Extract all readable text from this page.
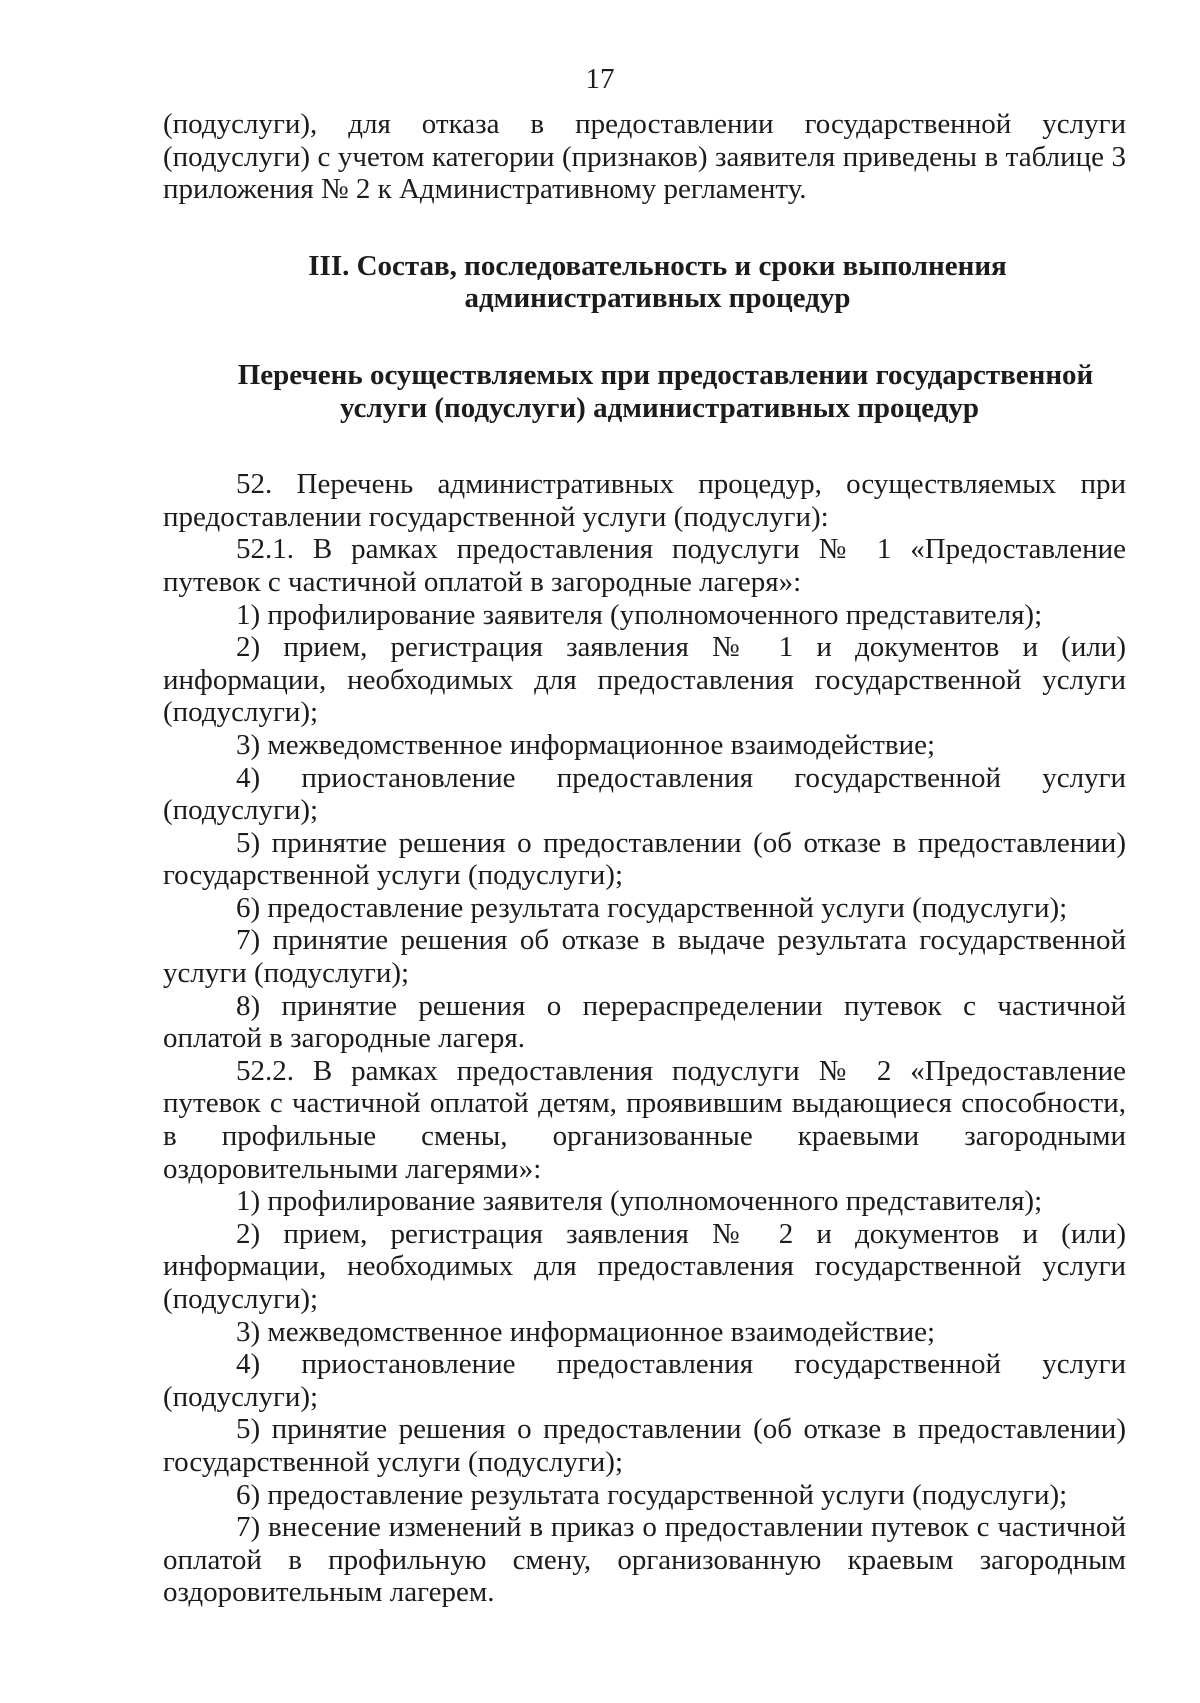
17

(подуслуги), для отказа в предоставлении государственной услуги (подуслуги) с учетом категории (признаков) заявителя приведены в таблице 3 приложения № 2 к Административному регламенту.

III. Состав, последовательность и сроки выполнения
административных процедур
Перечень осуществляемых при предоставлении государственной
услуги (подуслуги) административных процедур

52. Перечень административных процедур, осуществляемых при предоставлении государственной услуги (подуслуги):

52.1. В рамках предоставления подуслуги № 1 «Предоставление путевок с частичной оплатой в загородные лагеря»:

1) профилирование заявителя (уполномоченного представителя);

2) прием, регистрация заявления № 1 и документов и (или) информации, необходимых для предоставления государственной услуги (подуслуги);

3) межведомственное информационное взаимодействие;

4) приостановление предоставления государственной услуги (подуслуги);

5) принятие решения о предоставлении (об отказе в предоставлении) государственной услуги (подуслуги);

6) предоставление результата государственной услуги (подуслуги);

7) принятие решения об отказе в выдаче результата государственной услуги (подуслуги);

8) принятие решения о перераспределении путевок с частичной оплатой в загородные лагеря.

52.2. В рамках предоставления подуслуги № 2 «Предоставление путевок с частичной оплатой детям, проявившим выдающиеся способности, в профильные смены, организованные краевыми загородными оздоровительными лагерями»:

1) профилирование заявителя (уполномоченного представителя);

2) прием, регистрация заявления № 2 и документов и (или) информации, необходимых для предоставления государственной услуги (подуслуги);

3) межведомственное информационное взаимодействие;

4) приостановление предоставления государственной услуги (подуслуги);

5) принятие решения о предоставлении (об отказе в предоставлении) государственной услуги (подуслуги);

6) предоставление результата государственной услуги (подуслуги);

7) внесение изменений в приказ о предоставлении путевок с частичной оплатой в профильную смену, организованную краевым загородным оздоровительным лагерем.
